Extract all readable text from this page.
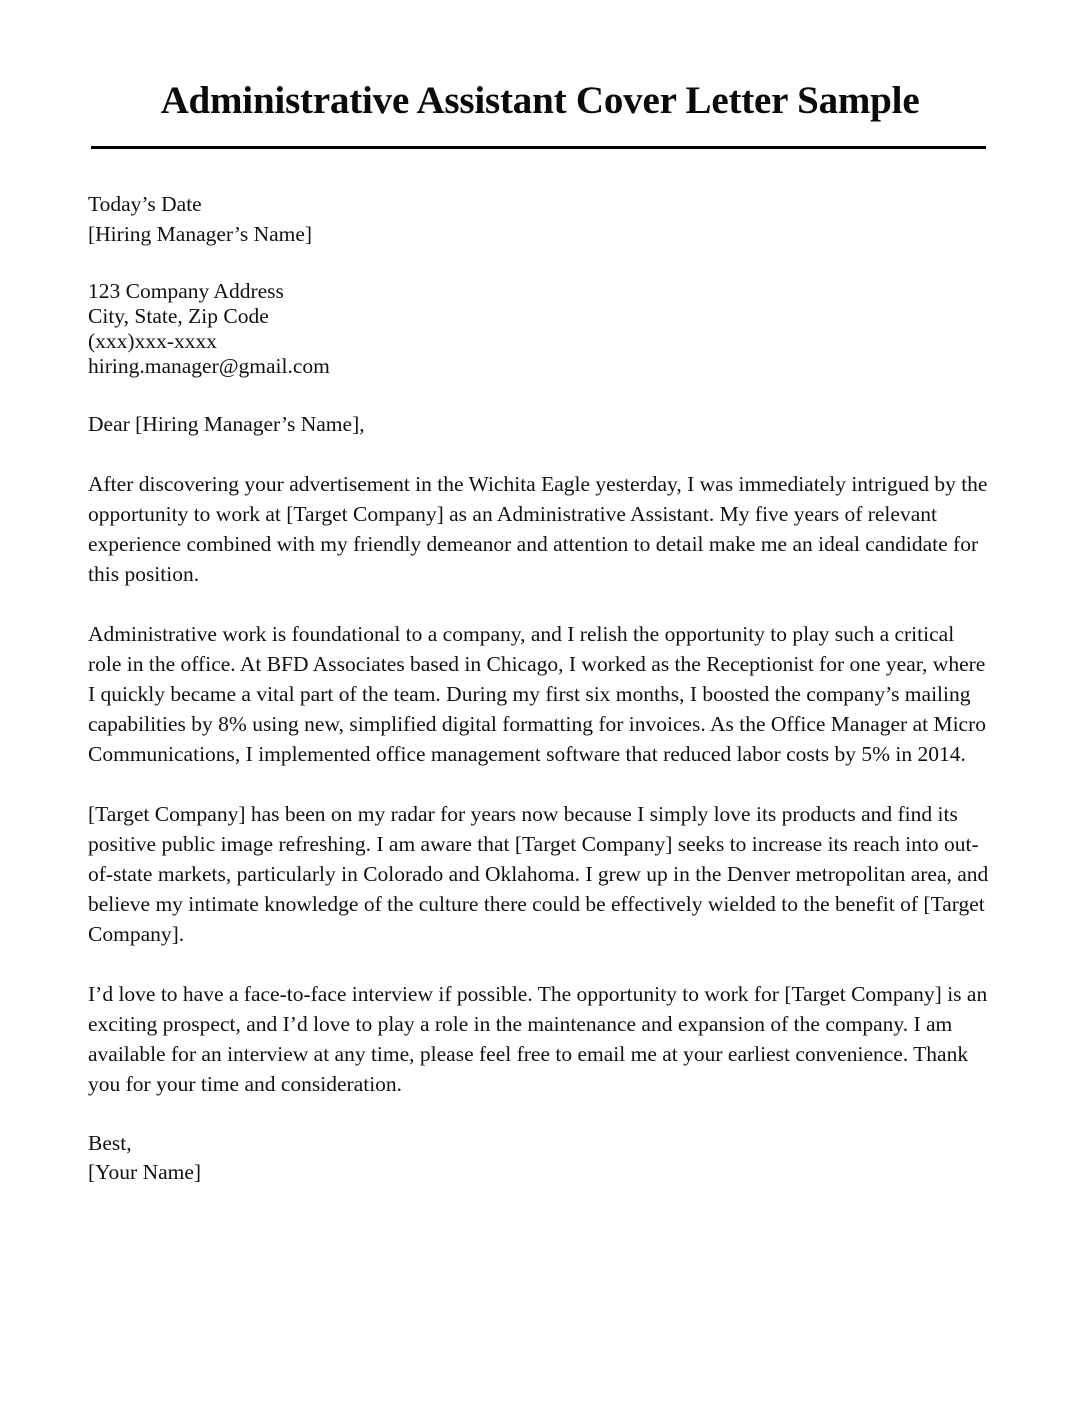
Administrative Assistant Cover Letter Sample
Today’s Date
[Hiring Manager’s Name]
123 Company Address
City, State, Zip Code
(xxx)xxx-xxxx
hiring.manager@gmail.com
Dear [Hiring Manager’s Name],

After discovering your advertisement in the Wichita Eagle yesterday, I was immediately intrigued by the opportunity to work at [Target Company] as an Administrative Assistant. My five years of relevant experience combined with my friendly demeanor and attention to detail make me an ideal candidate for this position.

Administrative work is foundational to a company, and I relish the opportunity to play such a critical role in the office. At BFD Associates based in Chicago, I worked as the Receptionist for one year, where I quickly became a vital part of the team. During my first six months, I boosted the company’s mailing capabilities by 8% using new, simplified digital formatting for invoices. As the Office Manager at Micro Communications, I implemented office management software that reduced labor costs by 5% in 2014.

[Target Company] has been on my radar for years now because I simply love its products and find its positive public image refreshing. I am aware that [Target Company] seeks to increase its reach into out-of-state markets, particularly in Colorado and Oklahoma. I grew up in the Denver metropolitan area, and believe my intimate knowledge of the culture there could be effectively wielded to the benefit of [Target Company].

I’d love to have a face-to-face interview if possible. The opportunity to work for [Target Company] is an exciting prospect, and I’d love to play a role in the maintenance and expansion of the company. I am available for an interview at any time, please feel free to email me at your earliest convenience. Thank you for your time and consideration.

Best,
[Your Name]
